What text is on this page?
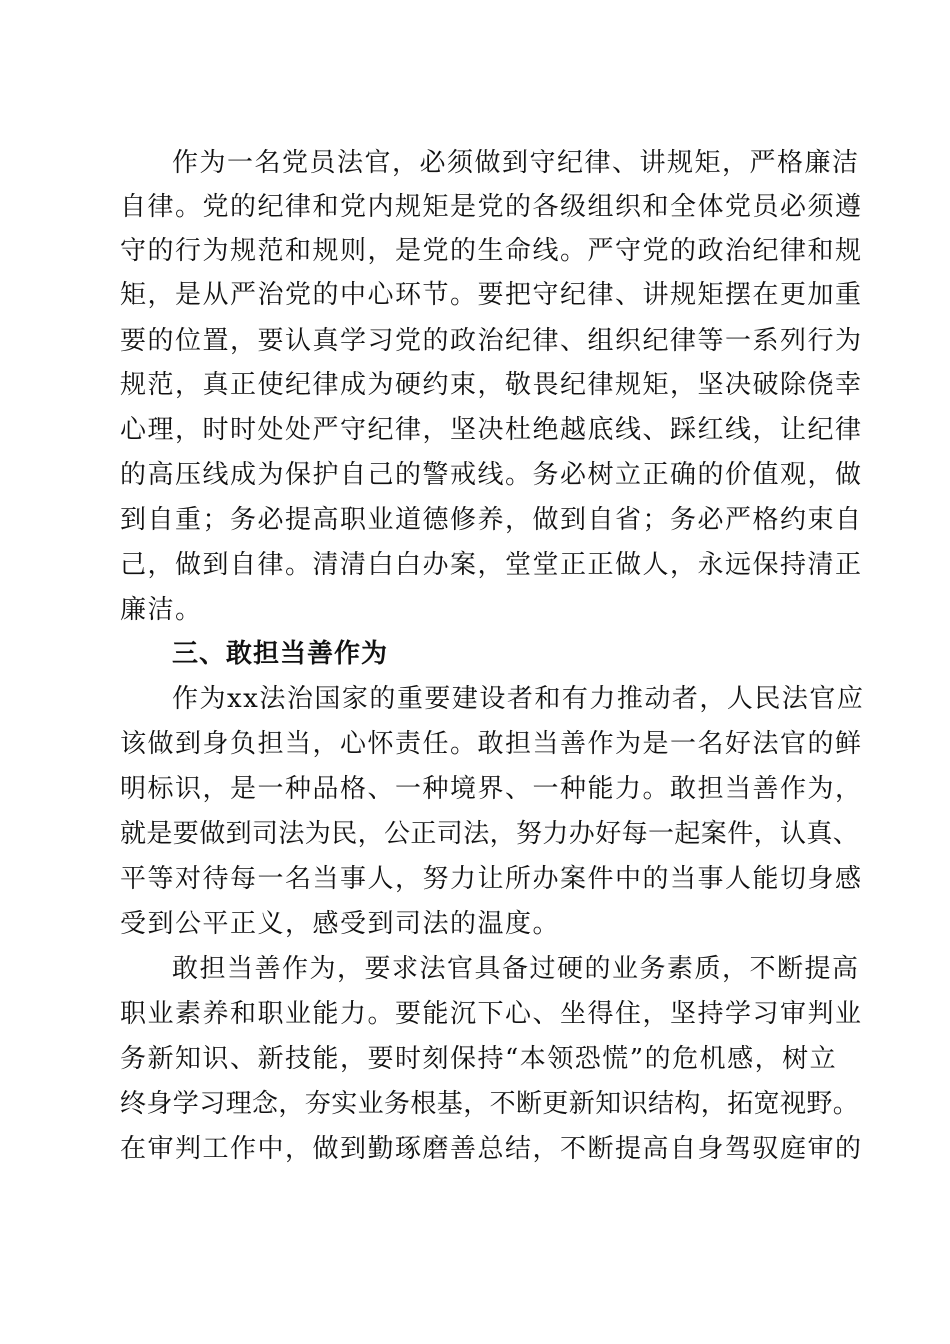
作为一名党员法官，必须做到守纪律、讲规矩，严格廉洁
自律。党的纪律和党内规矩是党的各级组织和全体党员必须遵
守的行为规范和规则，是党的生命线。严守党的政治纪律和规
矩，是从严治党的中心环节。要把守纪律、讲规矩摆在更加重
要的位置，要认真学习党的政治纪律、组织纪律等一系列行为
规范，真正使纪律成为硬约束，敬畏纪律规矩，坚决破除侥幸
心理，时时处处严守纪律，坚决杜绝越底线、踩红线，让纪律
的高压线成为保护自己的警戒线。务必树立正确的价值观，做
到自重；务必提高职业道德修养，做到自省；务必严格约束自
己，做到自律。清清白白办案，堂堂正正做人，永远保持清正
廉洁。
三、敢担当善作为
作为xx法治国家的重要建设者和有力推动者，人民法官应
该做到身负担当，心怀责任。敢担当善作为是一名好法官的鲜
明标识，是一种品格、一种境界、一种能力。敢担当善作为，
就是要做到司法为民，公正司法，努力办好每一起案件，认真、
平等对待每一名当事人，努力让所办案件中的当事人能切身感
受到公平正义，感受到司法的温度。
敢担当善作为，要求法官具备过硬的业务素质，不断提高
职业素养和职业能力。要能沉下心、坐得住，坚持学习审判业
务新知识、新技能，要时刻保持“本领恐慌”的危机感，树立
终身学习理念，夯实业务根基，不断更新知识结构，拓宽视野。
在审判工作中，做到勤琢磨善总结，不断提高自身驾驭庭审的
